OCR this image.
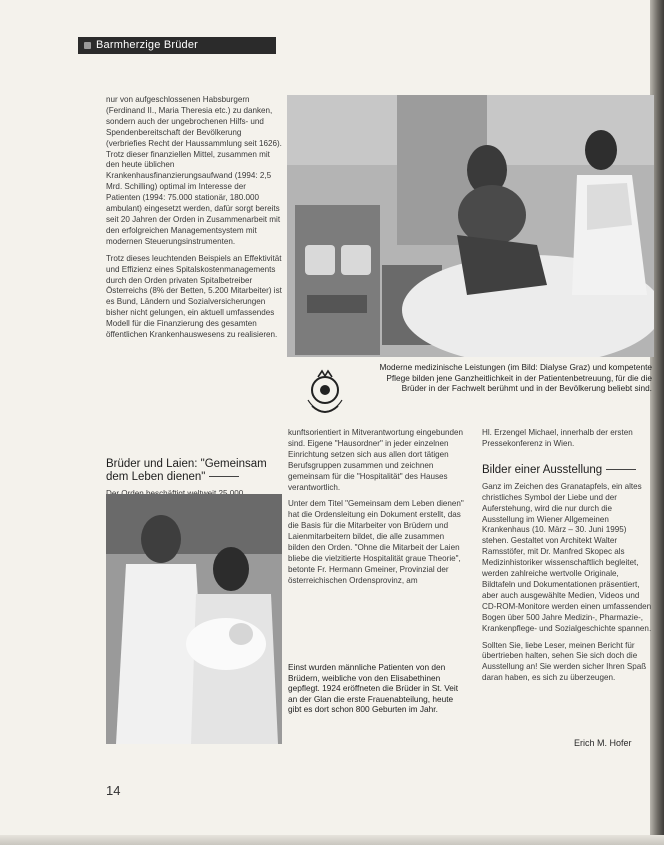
Barmherzige Brüder

nur von aufgeschlossenen Habsburgern (Ferdinand II., Maria Theresia etc.) zu danken, sondern auch der ungebrochenen Hilfs- und Spendenbereitschaft der Bevölkerung (verbriefies Recht der Haussammlung seit 1626). Trotz dieser finanziellen Mittel, zusammen mit den heute üblichen Krankenhausfinanzierungsaufwand (1994: 2,5 Mrd. Schilling) optimal im Interesse der Patienten (1994: 75.000 stationär, 180.000 ambulant) eingesetzt werden, dafür sorgt bereits seit 20 Jahren der Orden in Zusammenarbeit mit den erfolgreichen Managementsystem mit modernen Steuerungsinstrumenten.

Trotz dieses leuchtenden Beispiels an Effektivität und Effizienz eines Spitalskostenmanagements durch den Orden privaten Spitalbetreiber Österreichs (8% der Betten, 5.200 Mitarbeiter) ist es Bund, Ländern und Sozialversicherungen bisher nicht gelungen, ein aktuell umfassendes Modell für die Finanzierung des gesamten öffentlichen Krankenhauswesens zu realisieren.

Brüder und Laien: "Gemeinsam dem Leben dienen"

Moderne medizinische Leistungen (im Bild: Dialyse Graz) und kompetente Pflege bilden jene Ganzheitlichkeit in der Patientenbetreuung, für die die Brüder in der Fachwelt berühmt und in der Bevölkerung beliebt sind.
Einst wurden männliche Patienten von den Brüdern, weibliche von den Elisabethinen gepflegt. 1924 eröffneten die Brüder in St. Veit an der Glan die erste Frauenabteilung, heute gibt es dort schon 800 Geburten im Jahr.

kunftsorientiert in Mitverantwortung eingebunden sind. Eigene "Hausordner" in jeder einzelnen Einrichtung setzen sich aus allen dort tätigen Berufsgruppen zusammen und zeichnen gemeinsam für die "Hospitalität" des Hauses verantwortlich.

Unter dem Titel "Gemeinsam dem Leben dienen" hat die Ordensleitung ein Dokument erstellt, das die Basis für die Mitarbeiter von Brüdern und Laienmitarbeitern bildet, die alle zusammen bilden den Orden. "Ohne die Mitarbeit der Laien bliebe die vielzitierte Hospitalität graue Theorie", betonte Fr. Hermann Gmeiner, Provinzial der österreichischen Ordensprovinz, am

Hl. Erzengel Michael, innerhalb der ersten Pressekonferenz in Wien.

Bilder einer Ausstellung

Ganz im Zeichen des Granatapfels, ein altes christliches Symbol der Liebe und der Auferstehung, wird die nur durch die Ausstellung im Wiener Allgemeinen Krankenhaus (10. März – 30. Juni 1995) stehen. Gestaltet von Architekt Walter Ramsstöfer, mit Dr. Manfred Skopec als Medizinhistoriker wissenschaftlich begleitet, werden zahlreiche wertvolle Originale, Bildtafeln und Dokumentationen präsentiert, aber auch ausgewählte Medien, Videos und CD-ROM-Monitore werden einen umfassenden Bogen über 500 Jahre Medizin-, Pharmazie-, Krankenpflege- und Sozialgeschichte spannen.

Sollten Sie, liebe Leser, meinen Bericht für übertrieben halten, sehen Sie sich doch die Ausstellung an! Sie werden sicher Ihren Spaß daran haben, es sich zu überzeugen.

Erich M. Hofer
14
